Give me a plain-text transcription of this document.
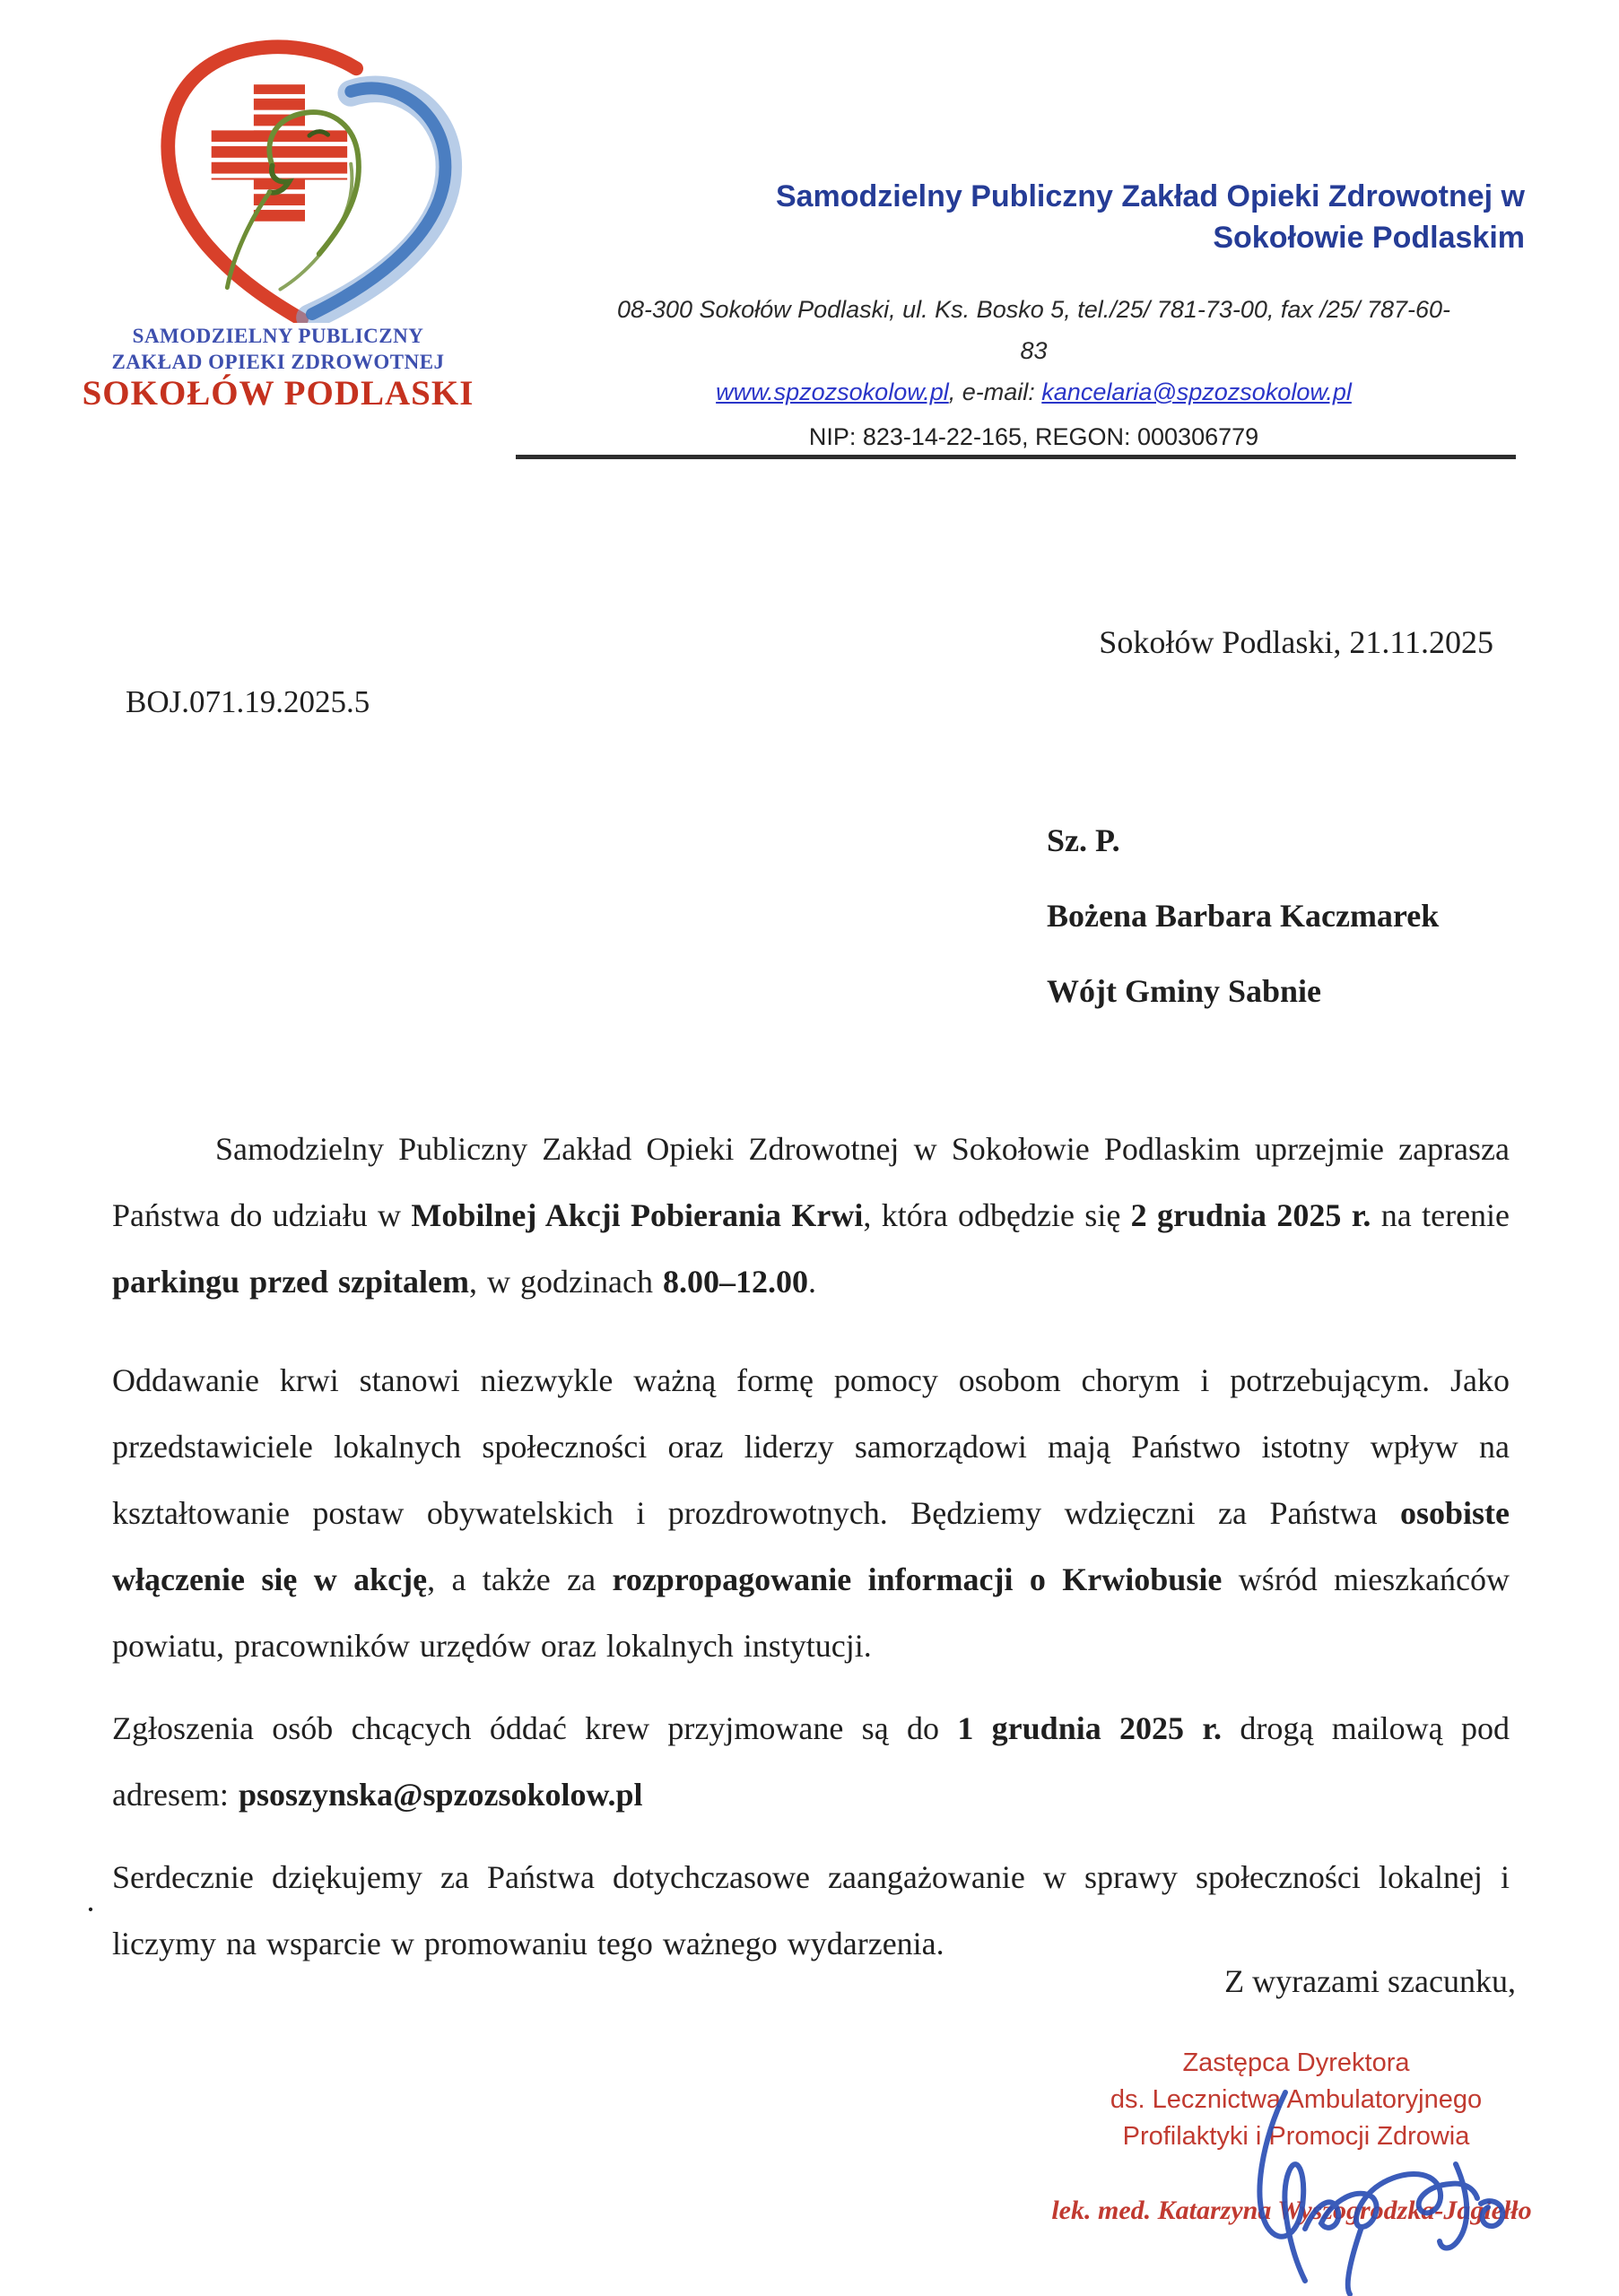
SAMODZIELNY PUBLICZNY
ZAKŁAD OPIEKI ZDROWOTNEJ
SOKOŁÓW PODLASKI
Samodzielny Publiczny Zakład Opieki Zdrowotnej w
Sokołowie Podlaskim
08-300 Sokołów Podlaski, ul. Ks. Bosko 5, tel./25/ 781-73-00, fax /25/ 787-60-
83
www.spzozsokolow.pl, e-mail: kancelaria@spzozsokolow.pl
NIP: 823-14-22-165, REGON: 000306779
Sokołów Podlaski, 21.11.2025
BOJ.071.19.2025.5
Sz. P.
Bożena Barbara Kaczmarek
Wójt Gminy Sabnie

Samodzielny Publiczny Zakład Opieki Zdrowotnej w Sokołowie Podlaskim uprzejmie zaprasza Państwa do udziału w Mobilnej Akcji Pobierania Krwi, która odbędzie się 2 grudnia 2025 r. na terenie parkingu przed szpitalem, w godzinach 8.00–12.00.

Oddawanie krwi stanowi niezwykle ważną formę pomocy osobom chorym i potrzebującym. Jako przedstawiciele lokalnych społeczności oraz liderzy samorządowi mają Państwo istotny wpływ na kształtowanie postaw obywatelskich i prozdrowotnych. Będziemy wdzięczni za Państwa osobiste włączenie się w akcję, a także za rozpropagowanie informacji o Krwiobusie wśród mieszkańców powiatu, pracowników urzędów oraz lokalnych instytucji.

Zgłoszenia osób chcących óddać krew przyjmowane są do 1 grudnia 2025 r. drogą mailową pod adresem: psoszynska@spzozsokolow.pl

Serdecznie dziękujemy za Państwa dotychczasowe zaangażowanie w sprawy społeczności lokalnej i liczymy na wsparcie w promowaniu tego ważnego wydarzenia.

·
Z wyrazami szacunku,
Zastępca Dyrektora
ds. Lecznictwa Ambulatoryjnego
Profilaktyki i Promocji Zdrowia
lek. med. Katarzyna Wyszogrodzka-Jagiełło
